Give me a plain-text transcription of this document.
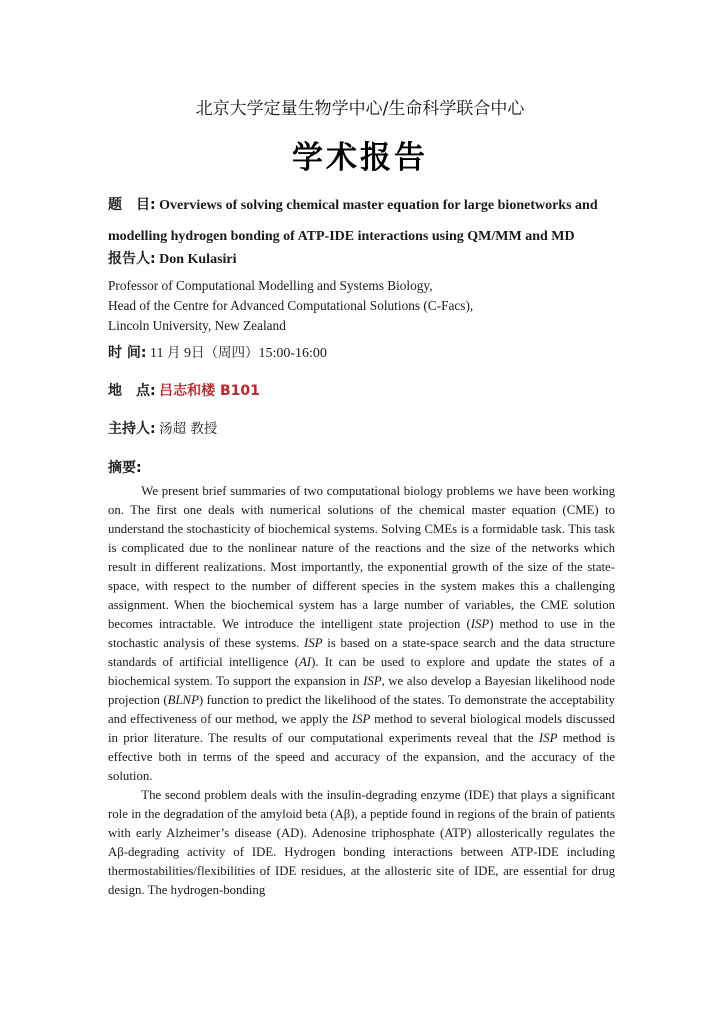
北京大学定量生物学中心/生命科学联合中心
学术报告
题　目: Overviews of solving chemical master equation for large bionetworks and modelling hydrogen bonding of ATP-IDE interactions using QM/MM and MD
报告人: Don Kulasiri
Professor of Computational Modelling and Systems Biology,
Head of the Centre for Advanced Computational Solutions (C-Facs),
Lincoln University, New Zealand
时 间: 11 月 9日（周四）15:00-16:00
地　点: 吕志和楼 B101
主持人: 汤超 教授
摘要:

We present brief summaries of two computational biology problems we have been working on. The first one deals with numerical solutions of the chemical master equation (CME) to understand the stochasticity of biochemical systems. Solving CMEs is a formidable task. This task is complicated due to the nonlinear nature of the reactions and the size of the networks which result in different realizations. Most importantly, the exponential growth of the size of the state-space, with respect to the number of different species in the system makes this a challenging assignment. When the biochemical system has a large number of variables, the CME solution becomes intractable. We introduce the intelligent state projection (ISP) method to use in the stochastic analysis of these systems. ISP is based on a state-space search and the data structure standards of artificial intelligence (AI). It can be used to explore and update the states of a biochemical system. To support the expansion in ISP, we also develop a Bayesian likelihood node projection (BLNP) function to predict the likelihood of the states. To demonstrate the acceptability and effectiveness of our method, we apply the ISP method to several biological models discussed in prior literature. The results of our computational experiments reveal that the ISP method is effective both in terms of the speed and accuracy of the expansion, and the accuracy of the solution.

The second problem deals with the insulin-degrading enzyme (IDE) that plays a significant role in the degradation of the amyloid beta (Aβ), a peptide found in regions of the brain of patients with early Alzheimer’s disease (AD). Adenosine triphosphate (ATP) allosterically regulates the Aβ-degrading activity of IDE. Hydrogen bonding interactions between ATP-IDE including thermostabilities/flexibilities of IDE residues, at the allosteric site of IDE, are essential for drug design. The hydrogen-bonding
